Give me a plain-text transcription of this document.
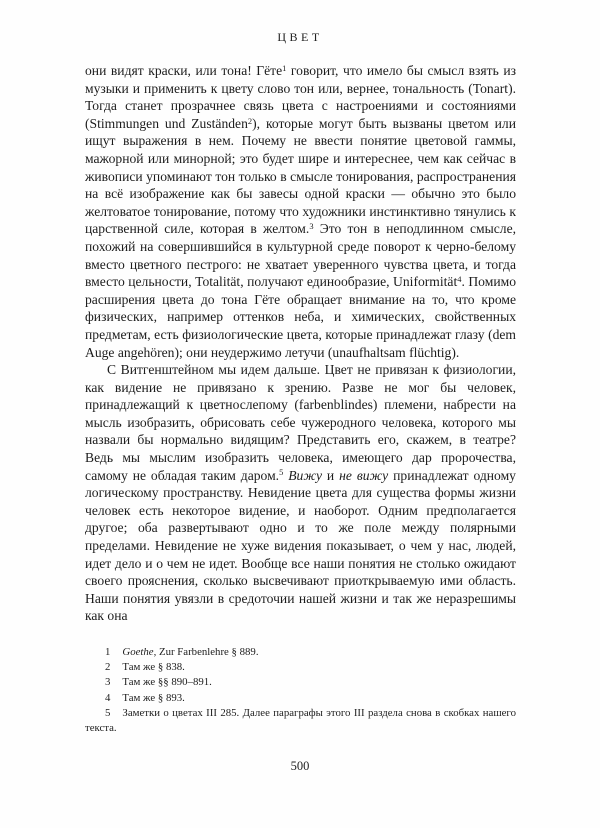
ЦВЕТ

они видят краски, или тона! Гёте$^1$ говорит, что имело бы смысл взять из музыки и применить к цвету слово тон или, вернее, тональность (Tonart). Тогда станет прозрачнее связь цвета с настроениями и состояниями (Stimmungen und Zuständen$^2$), которые могут быть вызваны цветом или ищут выражения в нем. Почему не ввести понятие цветовой гаммы, мажорной или минорной; это будет шире и интереснее, чем как сейчас в живописи упоминают тон только в смысле тонирования, распространения на всё изображение как бы завесы одной краски — обычно это было желтоватое тонирование, потому что художники инстинктивно тянулись к царственной силе, которая в желтом.$^3$ Это тон в неподлинном смысле, похожий на совершившийся в культурной среде поворот к черно-белому вместо цветного пестрого: не хватает уверенного чувства цвета, и тогда вместо цельности, Totalität, получают единообразие, Uniformität$^4$. Помимо расширения цвета до тона Гёте обращает внимание на то, что кроме физических, например оттенков неба, и химических, свойственных предметам, есть физиологические цвета, которые принадлежат глазу (dem Auge angehören); они неудержимо летучи (unaufhaltsam flüchtig).

С Витгенштейном мы идем дальше. Цвет не привязан к физиологии, как видение не привязано к зрению. Разве не мог бы человек, принадлежащий к цветнослепому (farbenblindes) племени, набрести на мысль изобразить, обрисовать себе чужеродного человека, которого мы назвали бы нормально видящим? Представить его, скажем, в театре? Ведь мы мыслим изобразить человека, имеющего дар пророчества, самому не обладая таким даром.$^5$ Вижу и не вижу принадлежат одному логическому пространству. Невидение цвета для существа формы жизни человек есть некоторое видение, и наоборот. Одним предполагается другое; оба развертывают одно и то же поле между полярными пределами. Невидение не хуже видения показывает, о чем у нас, людей, идет дело и о чем не идет. Вообще все наши понятия не столько ожидают своего прояснения, сколько высвечивают приоткрываемую ими область. Наши понятия увязли в средоточии нашей жизни и так же неразрешимы как она

1 Goethe, Zur Farbenlehre § 889.

2 Там же § 838.

3 Там же §§ 890–891.

4 Там же § 893.

5 Заметки о цветах III 285. Далее параграфы этого III раздела снова в скобках нашего текста.

500
